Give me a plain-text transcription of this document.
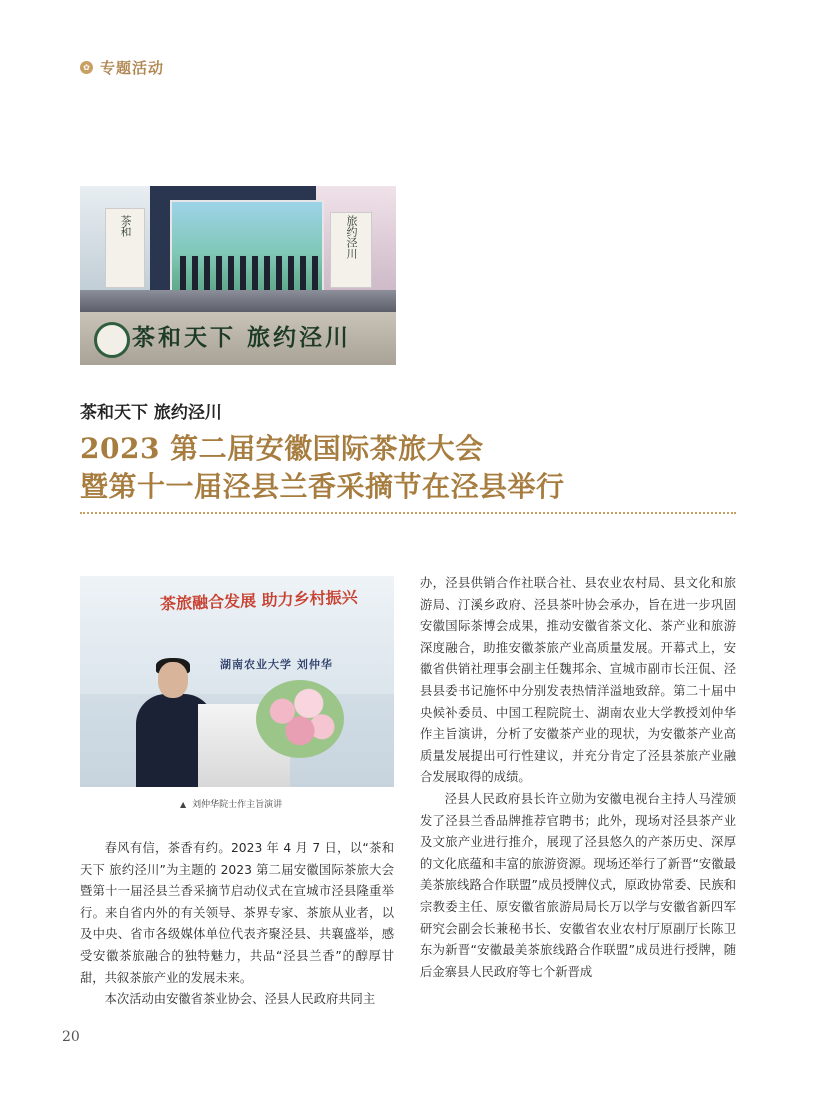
✿ 专题活动
茶和	旅约泾川
茶和天下 旅约泾川
茶和天下 旅约泾川
2023 第二届安徽国际茶旅大会
暨第十一届泾县兰香采摘节在泾县举行
茶旅融合发展 助力乡村振兴
湖南农业大学 刘仲华
▲ 刘仲华院士作主旨演讲

春风有信，茶香有约。2023 年 4 月 7 日，以“茶和天下 旅约泾川”为主题的 2023 第二届安徽国际茶旅大会暨第十一届泾县兰香采摘节启动仪式在宣城市泾县隆重举行。来自省内外的有关领导、茶界专家、茶旅从业者，以及中央、省市各级媒体单位代表齐聚泾县、共襄盛举，感受安徽茶旅融合的独特魅力，共品“泾县兰香”的醇厚甘甜，共叙茶旅产业的发展未来。

本次活动由安徽省茶业协会、泾县人民政府共同主

办，泾县供销合作社联合社、县农业农村局、县文化和旅游局、汀溪乡政府、泾县茶叶协会承办，旨在进一步巩固安徽国际茶博会成果，推动安徽省茶文化、茶产业和旅游深度融合，助推安徽茶旅产业高质量发展。开幕式上，安徽省供销社理事会副主任魏邦余、宣城市副市长汪侃、泾县县委书记施怀中分别发表热情洋溢地致辞。第二十届中央候补委员、中国工程院院士、湖南农业大学教授刘仲华作主旨演讲，分析了安徽茶产业的现状，为安徽茶产业高质量发展提出可行性建议，并充分肯定了泾县茶旅产业融合发展取得的成绩。

泾县人民政府县长许立勋为安徽电视台主持人马滢颁发了泾县兰香品牌推荐官聘书；此外，现场对泾县茶产业及文旅产业进行推介，展现了泾县悠久的产茶历史、深厚的文化底蕴和丰富的旅游资源。现场还举行了新晋“安徽最美茶旅线路合作联盟”成员授牌仪式，原政协常委、民族和宗教委主任、原安徽省旅游局局长万以学与安徽省新四军研究会副会长兼秘书长、安徽省农业农村厅原副厅长陈卫东为新晋“安徽最美茶旅线路合作联盟”成员进行授牌，随后金寨县人民政府等七个新晋成

20
